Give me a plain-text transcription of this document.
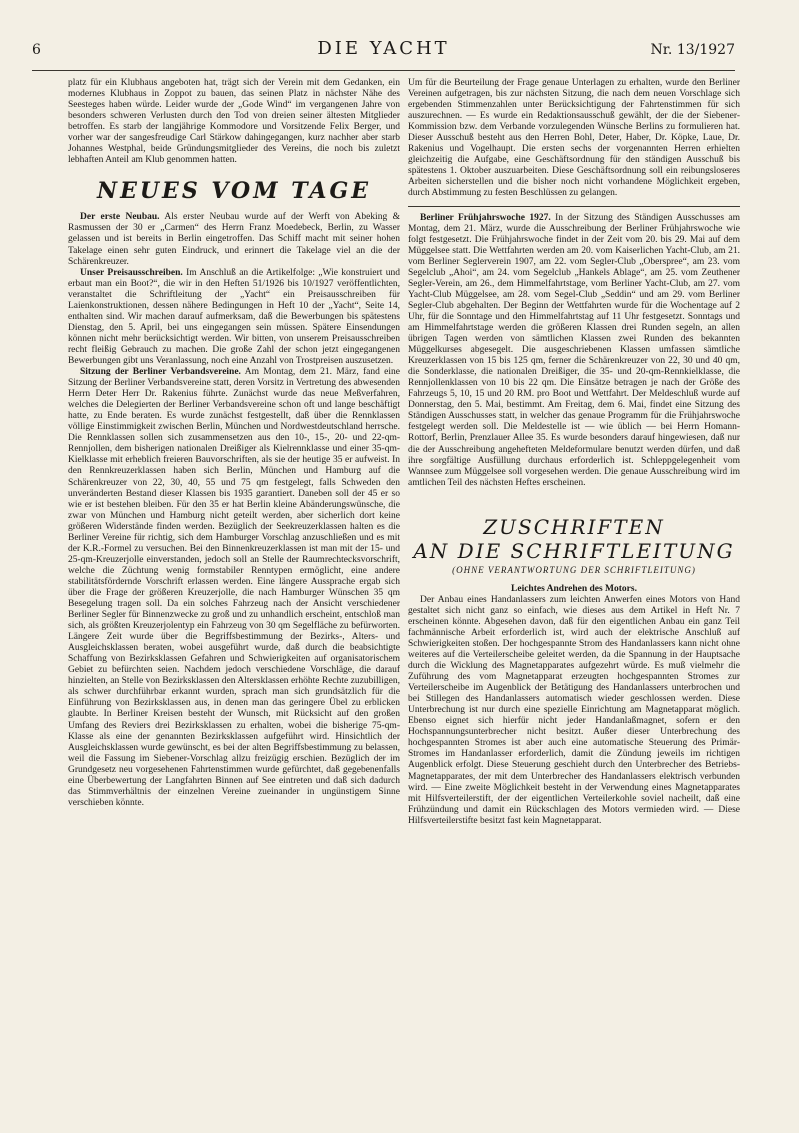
6	DIE YACHT	Nr. 13/1927

platz für ein Klubhaus angeboten hat, trägt sich der Verein mit dem Gedanken, ein modernes Klubhaus in Zoppot zu bauen, das seinen Platz in nächster Nähe des Seesteges haben würde. Leider wurde der „Gode Wind“ im vergangenen Jahre von besonders schweren Verlusten durch den Tod von dreien seiner ältesten Mitglieder betroffen. Es starb der langjährige Kommodore und Vorsitzende Felix Berger, und vorher war der sangesfreudige Carl Stärkow dahingegangen, kurz nachher aber starb Johannes Westphal, beide Gründungsmitglieder des Vereins, die noch bis zuletzt lebhaften Anteil am Klub genommen hatten.

NEUES VOM TAGE

Der erste Neubau. Als erster Neubau wurde auf der Werft von Abeking & Rasmussen der 30 er „Carmen“ des Herrn Franz Moedebeck, Berlin, zu Wasser gelassen und ist bereits in Berlin eingetroffen. Das Schiff macht mit seiner hohen Takelage einen sehr guten Eindruck, und erinnert die Takelage viel an die der Schärenkreuzer.

Unser Preisausschreiben. Im Anschluß an die Artikelfolge: „Wie konstruiert und erbaut man ein Boot?“, die wir in den Heften 51/1926 bis 10/1927 veröffentlichten, veranstaltet die Schriftleitung der „Yacht“ ein Preisausschreiben für Laienkonstruktionen, dessen nähere Bedingungen in Heft 10 der „Yacht“, Seite 14, enthalten sind. Wir machen darauf aufmerksam, daß die Bewerbungen bis spätestens Dienstag, den 5. April, bei uns eingegangen sein müssen. Spätere Einsendungen können nicht mehr berücksichtigt werden. Wir bitten, von unserem Preisausschreiben recht fleißig Gebrauch zu machen. Die große Zahl der schon jetzt eingegangenen Bewerbungen gibt uns Veranlassung, noch eine Anzahl von Trostpreisen auszusetzen.

Sitzung der Berliner Verbandsvereine. Am Montag, dem 21. März, fand eine Sitzung der Berliner Verbandsvereine statt, deren Vorsitz in Vertretung des abwesenden Herrn Deter Herr Dr. Rakenius führte. Zunächst wurde das neue Meßverfahren, welches die Delegierten der Berliner Verbandsvereine schon oft und lange beschäftigt hatte, zu Ende beraten. Es wurde zunächst festgestellt, daß über die Rennklassen völlige Einstimmigkeit zwischen Berlin, München und Nordwestdeutschland herrsche. Die Rennklassen sollen sich zusammensetzen aus den 10-, 15-, 20- und 22-qm-Rennjollen, dem bisherigen nationalen Dreißiger als Kielrennklasse und einer 35-qm-Kielklasse mit erheblich freieren Bauvorschriften, als sie der heutige 35 er aufweist. In den Rennkreuzerklassen haben sich Berlin, München und Hamburg auf die Schärenkreuzer von 22, 30, 40, 55 und 75 qm festgelegt, falls Schweden den unveränderten Bestand dieser Klassen bis 1935 garantiert. Daneben soll der 45 er so wie er ist bestehen bleiben. Für den 35 er hat Berlin kleine Abänderungswünsche, die zwar von München und Hamburg nicht geteilt werden, aber sicherlich dort keine größeren Widerstände finden werden. Bezüglich der Seekreuzerklassen halten es die Berliner Vereine für richtig, sich dem Hamburger Vorschlag anzuschließen und es mit der K.R.-Formel zu versuchen. Bei den Binnenkreuzerklassen ist man mit der 15- und 25-qm-Kreuzerjolle einverstanden, jedoch soll an Stelle der Raumrechtecksvorschrift, welche die Züchtung wenig formstabiler Renntypen ermöglicht, eine andere stabilitätsfördernde Vorschrift erlassen werden. Eine längere Aussprache ergab sich über die Frage der größeren Kreuzerjolle, die nach Hamburger Wünschen 35 qm Besegelung tragen soll. Da ein solches Fahrzeug nach der Ansicht verschiedener Berliner Segler für Binnenzwecke zu groß und zu unhandlich erscheint, entschloß man sich, als größten Kreuzerjolentyp ein Fahrzeug von 30 qm Segelfläche zu befürworten. Längere Zeit wurde über die Begriffsbestimmung der Bezirks-, Alters- und Ausgleichsklassen beraten, wobei ausgeführt wurde, daß durch die beabsichtigte Schaffung von Bezirksklassen Gefahren und Schwierigkeiten auf organisatorischem Gebiet zu befürchten seien. Nachdem jedoch verschiedene Vorschläge, die darauf hinzielten, an Stelle von Bezirksklassen den Altersklassen erhöhte Rechte zuzubilligen, als schwer durchführbar erkannt wurden, sprach man sich grundsätzlich für die Einführung von Bezirksklassen aus, in denen man das geringere Übel zu erblicken glaubte. In Berliner Kreisen besteht der Wunsch, mit Rücksicht auf den großen Umfang des Reviers drei Bezirksklassen zu erhalten, wobei die bisherige 75-qm-Klasse als eine der genannten Bezirksklassen aufgeführt wird. Hinsichtlich der Ausgleichsklassen wurde gewünscht, es bei der alten Begriffsbestimmung zu belassen, weil die Fassung im Siebener-Vorschlag allzu freizügig erschien. Bezüglich der im Grundgesetz neu vorgesehenen Fahrtenstimmen wurde gefürchtet, daß gegebenenfalls eine Überbewertung der Langfahrten Binnen auf See eintreten und daß sich dadurch das Stimmverhältnis der einzelnen Vereine zueinander in ungünstigem Sinne verschieben könnte.

Um für die Beurteilung der Frage genaue Unterlagen zu erhalten, wurde den Berliner Vereinen aufgetragen, bis zur nächsten Sitzung, die nach dem neuen Vorschlage sich ergebenden Stimmenzahlen unter Berücksichtigung der Fahrtenstimmen für sich auszurechnen. — Es wurde ein Redaktionsausschuß gewählt, der die der Siebener-Kommission bzw. dem Verbande vorzulegenden Wünsche Berlins zu formulieren hat. Dieser Ausschuß besteht aus den Herren Bohl, Deter, Haber, Dr. Köpke, Laue, Dr. Rakenius und Vogelhaupt. Die ersten sechs der vorgenannten Herren erhielten gleichzeitig die Aufgabe, eine Geschäftsordnung für den ständigen Ausschuß bis spätestens 1. Oktober auszuarbeiten. Diese Geschäftsordnung soll ein reibungsloseres Arbeiten sicherstellen und die bisher noch nicht vorhandene Möglichkeit ergeben, durch Abstimmung zu festen Beschlüssen zu gelangen.

Berliner Frühjahrswoche 1927. In der Sitzung des Ständigen Ausschusses am Montag, dem 21. März, wurde die Ausschreibung der Berliner Frühjahrswoche wie folgt festgesetzt. Die Frühjahrswoche findet in der Zeit vom 20. bis 29. Mai auf dem Müggelsee statt. Die Wettfahrten werden am 20. vom Kaiserlichen Yacht-Club, am 21. vom Berliner Seglerverein 1907, am 22. vom Segler-Club „Oberspree“, am 23. vom Segelclub „Ahoi“, am 24. vom Segelclub „Hankels Ablage“, am 25. vom Zeuthener Segler-Verein, am 26., dem Himmelfahrtstage, vom Berliner Yacht-Club, am 27. vom Yacht-Club Müggelsee, am 28. vom Segel-Club „Seddin“ und am 29. vom Berliner Segler-Club abgehalten. Der Beginn der Wettfahrten wurde für die Wochentage auf 2 Uhr, für die Sonntage und den Himmelfahrtstag auf 11 Uhr festgesetzt. Sonntags und am Himmelfahrtstage werden die größeren Klassen drei Runden segeln, an allen übrigen Tagen werden von sämtlichen Klassen zwei Runden des bekannten Müggelkurses abgesegelt. Die ausgeschriebenen Klassen umfassen sämtliche Kreuzerklassen von 15 bis 125 qm, ferner die Schärenkreuzer von 22, 30 und 40 qm, die Sonderklasse, die nationalen Dreißiger, die 35- und 20-qm-Rennkielklasse, die Rennjollenklassen von 10 bis 22 qm. Die Einsätze betragen je nach der Größe des Fahrzeugs 5, 10, 15 und 20 RM. pro Boot und Wettfahrt. Der Meldeschluß wurde auf Donnerstag, den 5. Mai, bestimmt. Am Freitag, dem 6. Mai, findet eine Sitzung des Ständigen Ausschusses statt, in welcher das genaue Programm für die Frühjahrswoche festgelegt werden soll. Die Meldestelle ist — wie üblich — bei Herrn Homann-Rottorf, Berlin, Prenzlauer Allee 35. Es wurde besonders darauf hingewiesen, daß nur die der Ausschreibung angehefteten Meldeformulare benutzt werden dürfen, und daß ihre sorgfältige Ausfüllung durchaus erforderlich ist. Schleppgelegenheit vom Wannsee zum Müggelsee soll vorgesehen werden. Die genaue Ausschreibung wird im amtlichen Teil des nächsten Heftes erscheinen.

ZUSCHRIFTEN
AN DIE SCHRIFTLEITUNG
(OHNE VERANTWORTUNG DER SCHRIFTLEITUNG)

Leichtes Andrehen des Motors.

Der Anbau eines Handanlassers zum leichten Anwerfen eines Motors von Hand gestaltet sich nicht ganz so einfach, wie dieses aus dem Artikel in Heft Nr. 7 erscheinen könnte. Abgesehen davon, daß für den eigentlichen Anbau ein ganz Teil fachmännische Arbeit erforderlich ist, wird auch der elektrische Anschluß auf Schwierigkeiten stoßen. Der hochgespannte Strom des Handanlassers kann nicht ohne weiteres auf die Verteilerscheibe geleitet werden, da die Spannung in der Hauptsache durch die Wicklung des Magnetapparates aufgezehrt würde. Es muß vielmehr die Zuführung des vom Magnetapparat erzeugten hochgespannten Stromes zur Verteilerscheibe im Augenblick der Betätigung des Handanlassers unterbrochen und bei Stillegen des Handanlassers automatisch wieder geschlossen werden. Diese Unterbrechung ist nur durch eine spezielle Einrichtung am Magnetapparat möglich. Ebenso eignet sich hierfür nicht jeder Handanlaßmagnet, sofern er den Hochspannungsunterbrecher nicht besitzt. Außer dieser Unterbrechung des hochgespannten Stromes ist aber auch eine automatische Steuerung des Primär-Stromes im Handanlasser erforderlich, damit die Zündung jeweils im richtigen Augenblick erfolgt. Diese Steuerung geschieht durch den Unterbrecher des Betriebs-Magnetapparates, der mit dem Unterbrecher des Handanlassers elektrisch verbunden wird. — Eine zweite Möglichkeit besteht in der Verwendung eines Magnetapparates mit Hilfsverteilerstift, der der eigentlichen Verteilerkohle soviel nacheilt, daß eine Frühzündung und damit ein Rückschlagen des Motors vermieden wird. — Diese Hilfsverteilerstifte besitzt fast kein Magnetapparat.
